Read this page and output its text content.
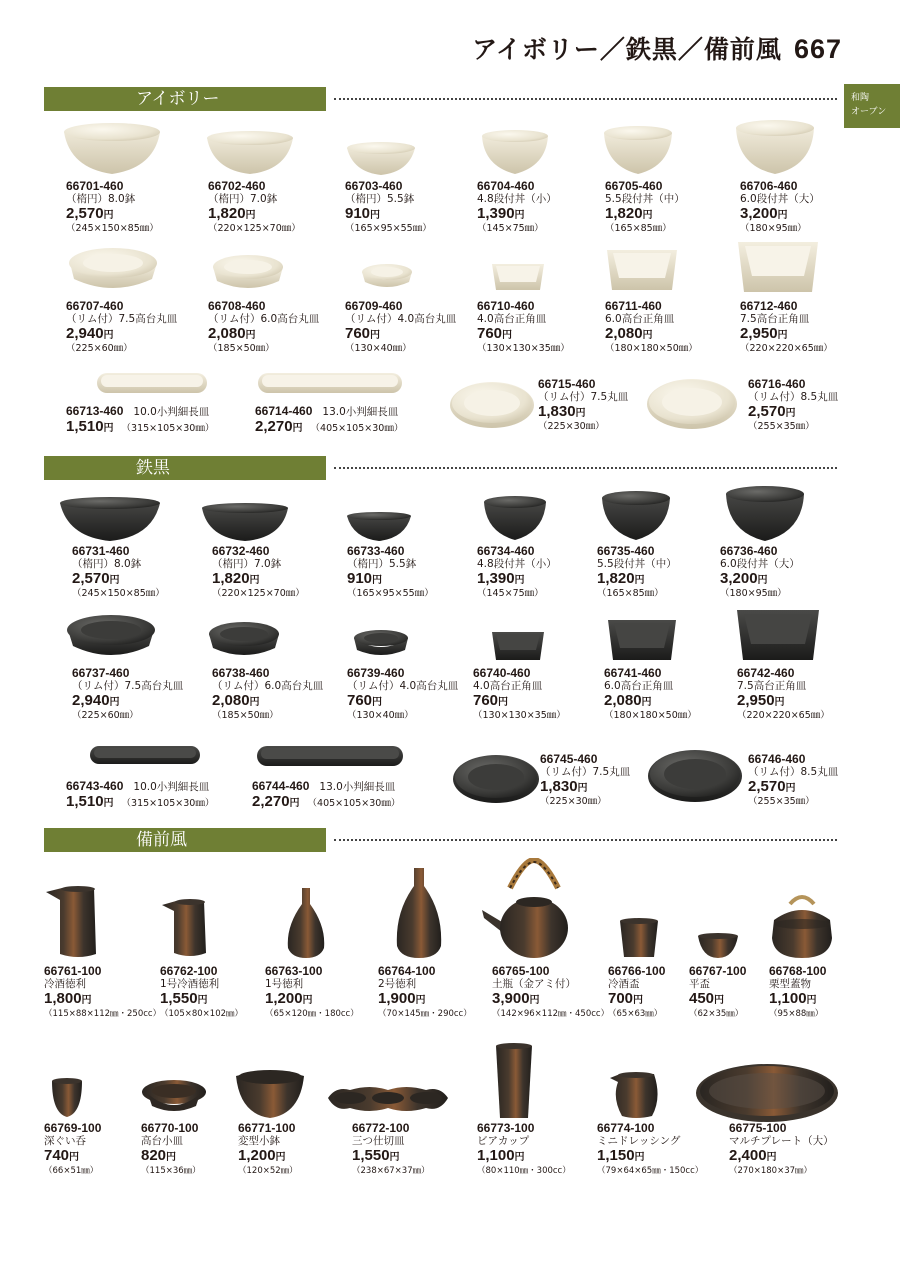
アイボリー／鉄黒／備前風 667
和陶
オーブン
アイボリー
66701-460
（楕円）8.0鉢
2,570円
（245×150×85㎜）
66702-460
（楕円）7.0鉢
1,820円
（220×125×70㎜）
66703-460
（楕円）5.5鉢
910円
（165×95×55㎜）
66704-460
4.8段付丼（小）
1,390円
（145×75㎜）
66705-460
5.5段付丼（中）
1,820円
（165×85㎜）
66706-460
6.0段付丼（大）
3,200円
（180×95㎜）
66707-460
（リム付）7.5高台丸皿
2,940円
（225×60㎜）
66708-460
（リム付）6.0高台丸皿
2,080円
（185×50㎜）
66709-460
（リム付）4.0高台丸皿
760円
（130×40㎜）
66710-460
4.0高台正角皿
760円
（130×130×35㎜）
66711-460
6.0高台正角皿
2,080円
（180×180×50㎜）
66712-460
7.5高台正角皿
2,950円
（220×220×65㎜）
66713-460 10.0小判細長皿
1,510円 （315×105×30㎜）
66714-460 13.0小判細長皿
2,270円 （405×105×30㎜）
66715-460
（リム付）7.5丸皿
1,830円
（225×30㎜）
66716-460
（リム付）8.5丸皿
2,570円
（255×35㎜）
鉄黒
66731-460
（楕円）8.0鉢
2,570円
（245×150×85㎜）
66732-460
（楕円）7.0鉢
1,820円
（220×125×70㎜）
66733-460
（楕円）5.5鉢
910円
（165×95×55㎜）
66734-460
4.8段付丼（小）
1,390円
（145×75㎜）
66735-460
5.5段付丼（中）
1,820円
（165×85㎜）
66736-460
6.0段付丼（大）
3,200円
（180×95㎜）
66737-460
（リム付）7.5高台丸皿
2,940円
（225×60㎜）
66738-460
（リム付）6.0高台丸皿
2,080円
（185×50㎜）
66739-460
（リム付）4.0高台丸皿
760円
（130×40㎜）
66740-460
4.0高台正角皿
760円
（130×130×35㎜）
66741-460
6.0高台正角皿
2,080円
（180×180×50㎜）
66742-460
7.5高台正角皿
2,950円
（220×220×65㎜）
66743-460 10.0小判細長皿
1,510円 （315×105×30㎜）
66744-460 13.0小判細長皿
2,270円 （405×105×30㎜）
66745-460
（リム付）7.5丸皿
1,830円
（225×30㎜）
66746-460
（リム付）8.5丸皿
2,570円
（255×35㎜）
備前風
66761-100
冷酒徳利
1,800円
（115×88×112㎜・250cc）
66762-100
1号冷酒徳利
1,550円
（105×80×102㎜）
66763-100
1号徳利
1,200円
（65×120㎜・180cc）
66764-100
2号徳利
1,900円
（70×145㎜・290cc）
66765-100
土瓶（金アミ付）
3,900円
（142×96×112㎜・450cc）
66766-100
冷酒盃
700円
（65×63㎜）
66767-100
平盃
450円
（62×35㎜）
66768-100
栗型蓋物
1,100円
（95×88㎜）
66769-100
深ぐい呑
740円
（66×51㎜）
66770-100
高台小皿
820円
（115×36㎜）
66771-100
変型小鉢
1,200円
（120×52㎜）
66772-100
三つ仕切皿
1,550円
（238×67×37㎜）
66773-100
ビアカップ
1,100円
（80×110㎜・300cc）
66774-100
ミニドレッシング
1,150円
（79×64×65㎜・150cc）
66775-100
マルチプレート（大）
2,400円
（270×180×37㎜）
